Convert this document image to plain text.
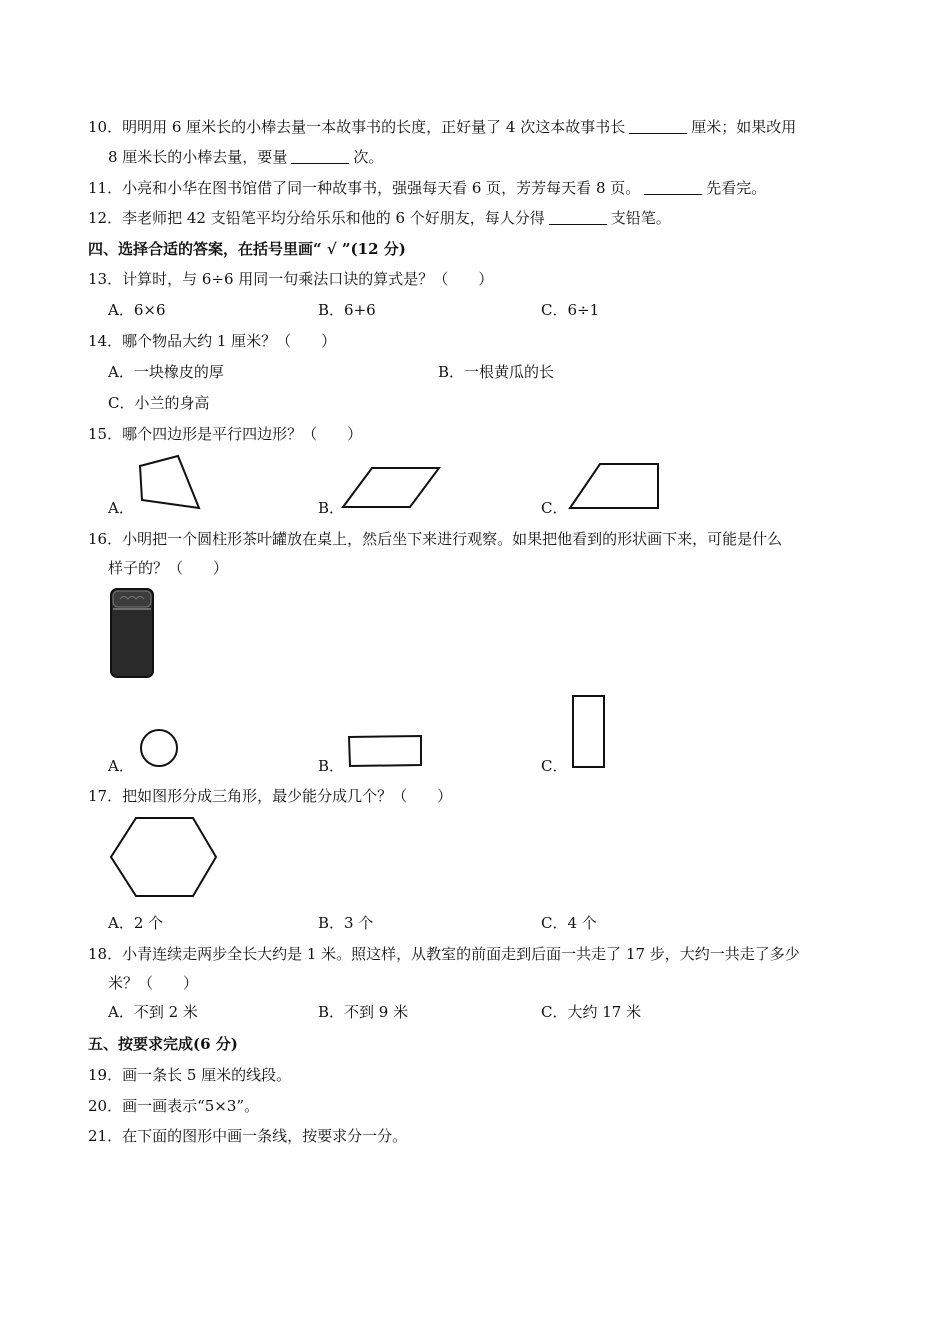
10．明明用 6 厘米长的小棒去量一本故事书的长度，正好量了 4 次这本故事书长	厘米；如果改用
8 厘米长的小棒去量，要量	次。
11．小亮和小华在图书馆借了同一种故事书，强强每天看 6 页，芳芳每天看 8 页。	先看完。
12．李老师把 42 支铅笔平均分给乐乐和他的 6 个好朋友，每人分得	支铅笔。
四、选择合适的答案，在括号里画“ √ ”(12 分)
13．计算时，与 6÷6 用同一句乘法口诀的算式是？（　　）
A．6×6	B．6+6	C．6÷1
14．哪个物品大约 1 厘米？（　　）
A．一块橡皮的厚	B．一根黄瓜的长
C．小兰的身高
15．哪个四边形是平行四边形？（　　）
A．	B．	C．
16．小明把一个圆柱形茶叶罐放在桌上，然后坐下来进行观察。如果把他看到的形状画下来，可能是什么
样子的？（　　）
A．	B．	C．
17．把如图形分成三角形，最少能分成几个？（　　）
A．2 个	B．3 个	C．4 个
18．小青连续走两步全长大约是 1 米。照这样，从教室的前面走到后面一共走了 17 步，大约一共走了多少
米？（　　）
A．不到 2 米	B．不到 9 米	C．大约 17 米
五、按要求完成(6 分)
19．画一条长 5 厘米的线段。
20．画一画表示“5×3”。
21．在下面的图形中画一条线，按要求分一分。
